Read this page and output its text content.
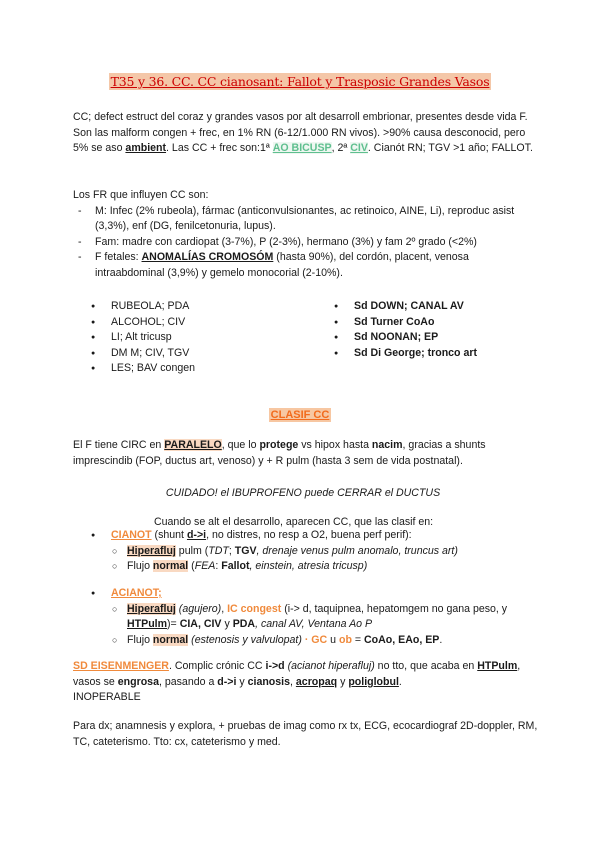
T35 y 36. CC. CC cianosant: Fallot y Trasposic Grandes Vasos

CC; defect estruct del coraz y grandes vasos por alt desarroll embrionar, presentes desde vida F. Son las malform congen + frec, en 1% RN (6-12/1.000 RN vivos). >90% causa desconocid, pero 5% se aso ambient. Las CC + frec son:1ª AO BICUSP, 2ª CIV. Cianót RN; TGV >1 año; FALLOT.

Los FR que influyen CC son:

- M: Infec (2% rubeola), fármac (anticonvulsionantes, ac retinoico, AINE, Li), reproduc asist (3,3%), enf (DG, fenilcetonuria, lupus).

- Fam: madre con cardiopat (3-7%), P (2-3%), hermano (3%) y fam 2º grado (<2%)

- F fetales: ANOMALÍAS CROMOSÓM (hasta 90%), del cordón, placent, venosa intraabdominal (3,9%) y gemelo monocorial (2-10%).

● RUBEOLA; PDA
● ALCOHOL; CIV
● LI; Alt tricusp
● DM M; CIV, TGV
● LES; BAV congen
● Sd DOWN; CANAL AV
● Sd Turner CoAo
● Sd NOONAN; EP
● Sd Di George; tronco art
CLASIF CC

El F tiene CIRC en PARALELO, que lo protege vs hipox hasta nacim, gracias a shunts imprescindib (FOP, ductus art, venoso) y + R pulm (hasta 3 sem de vida postnatal).

CUIDADO! el IBUPROFENO puede CERRAR el DUCTUS
Cuando se alt el desarrollo, aparecen CC, que las clasif en:
● CIANOT (shunt d->i, no distres, no resp a O2, buena perf perif):

○ Hiperafluj pulm (TDT; TGV, drenaje venus pulm anomalo, truncus art)

○ Flujo normal (FEA: Fallot, einstein, atresia tricusp)

● ACIANOT;

○ Hiperafluj (agujero), IC congest (i-> d, taquipnea, hepatomgem no gana peso, y HTPulm)= CIA, CIV y PDA, canal AV, Ventana Ao P

○ Flujo normal (estenosis y valvulopat) · GC u ob = CoAo, EAo, EP.

SD EISENMENGER. Complic crónic CC i->d (acianot hiperafluj) no tto, que acaba en HTPulm, vasos se engrosa, pasando a d->i y cianosis, acropaq y poliglobul.

INOPERABLE

Para dx; anamnesis y explora, + pruebas de imag como rx tx, ECG, ecocardiograf 2D-doppler, RM, TC, cateterismo. Tto: cx, cateterismo y med.
